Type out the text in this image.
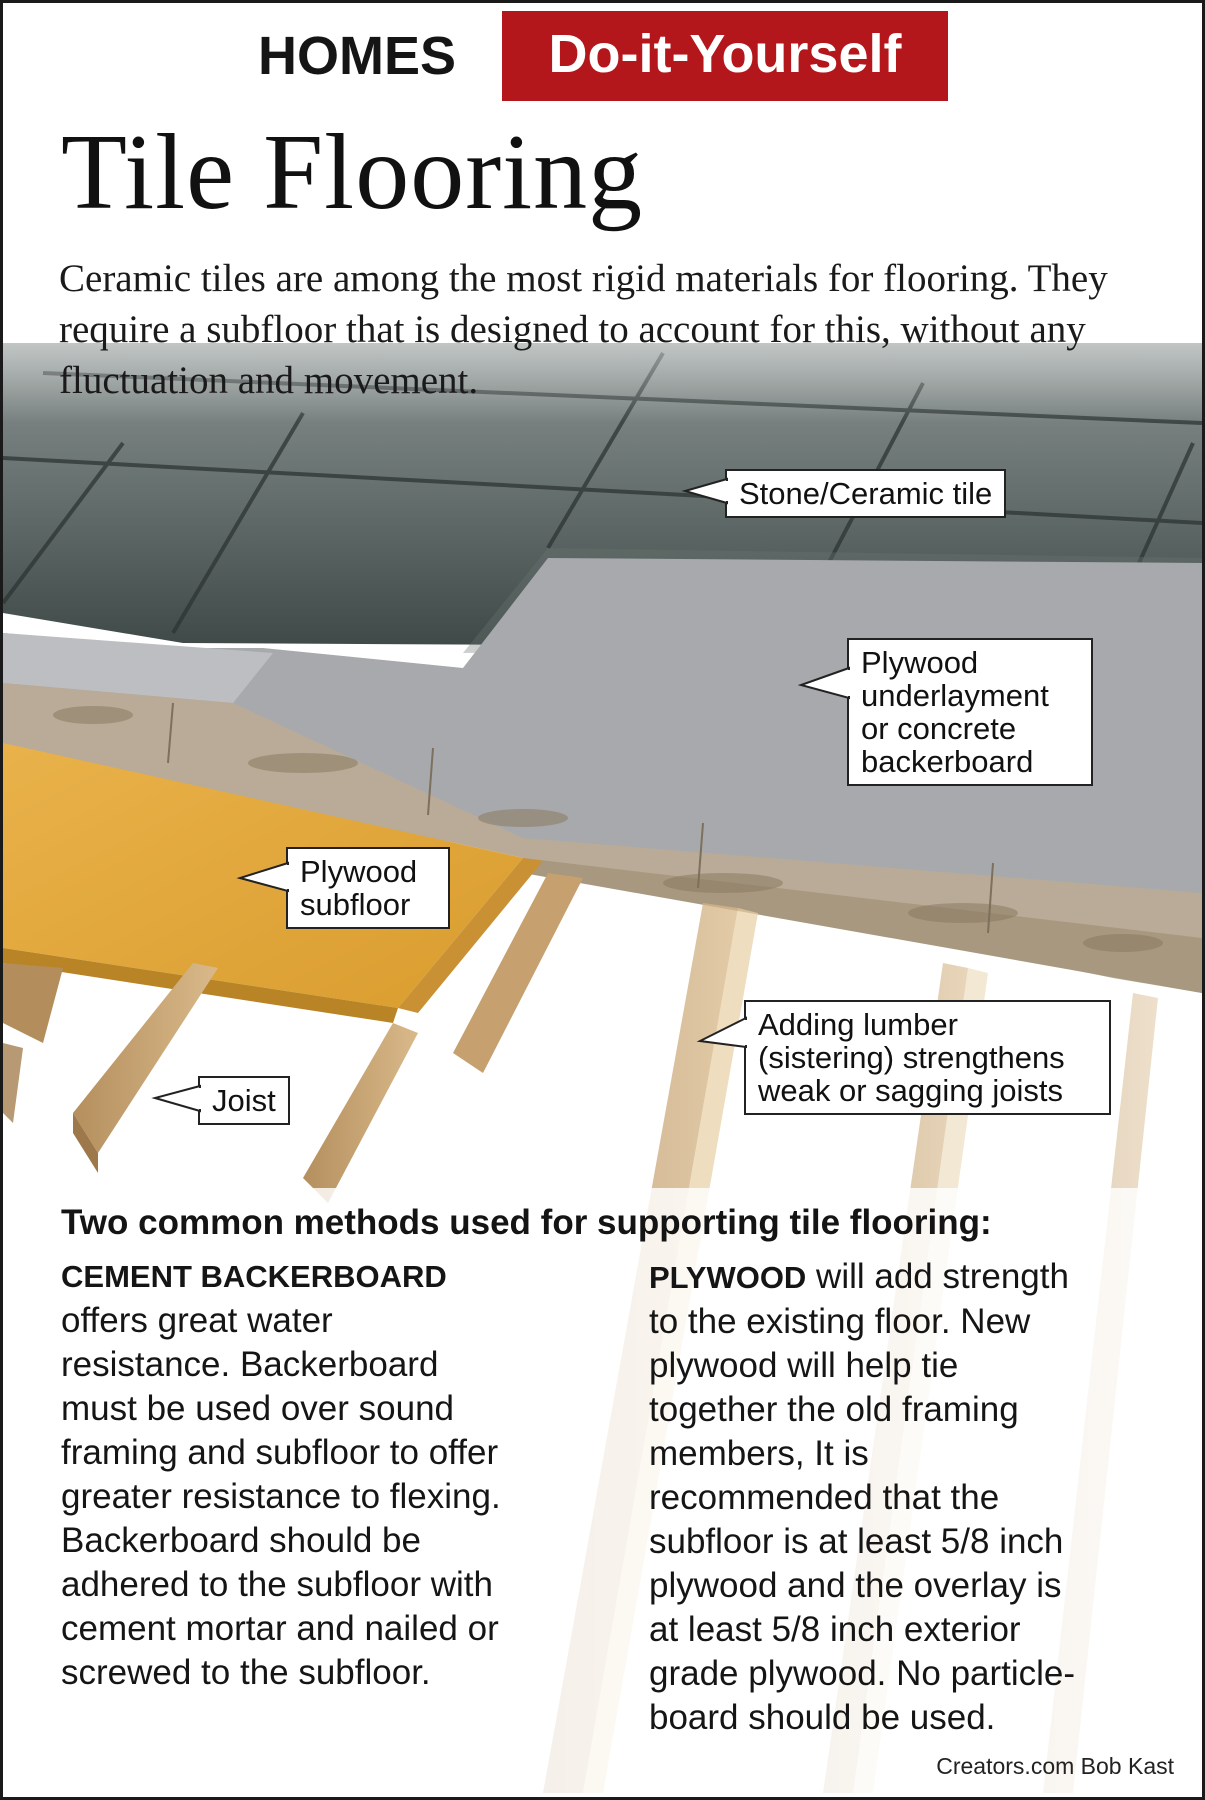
HOMES	Do-it-Yourself
Tile Flooring
Ceramic tiles are among the most rigid materials for flooring. They require a subfloor that is designed to account for this, without any fluctuation and movement.
Stone/Ceramic tile
Plywood
underlayment
or concrete
backerboard
Plywood
subfloor
Adding lumber
(sistering) strengthens
weak or sagging joists
Joist
Two common methods used for supporting tile flooring:
CEMENT BACKERBOARD
offers great water
resistance. Backerboard
must be used over sound
framing and subfloor to offer
greater resistance to flexing.
Backerboard should be
adhered to the subfloor with
cement mortar and nailed or
screwed to the subfloor.
PLYWOOD will add strength
to the existing floor. New
plywood will help tie
together the old framing
members, It is
recommended that the
subfloor is at least 5/8 inch
plywood and the overlay is
at least 5/8 inch exterior
grade plywood. No particle-
board should be used.
Creators.com Bob Kast
